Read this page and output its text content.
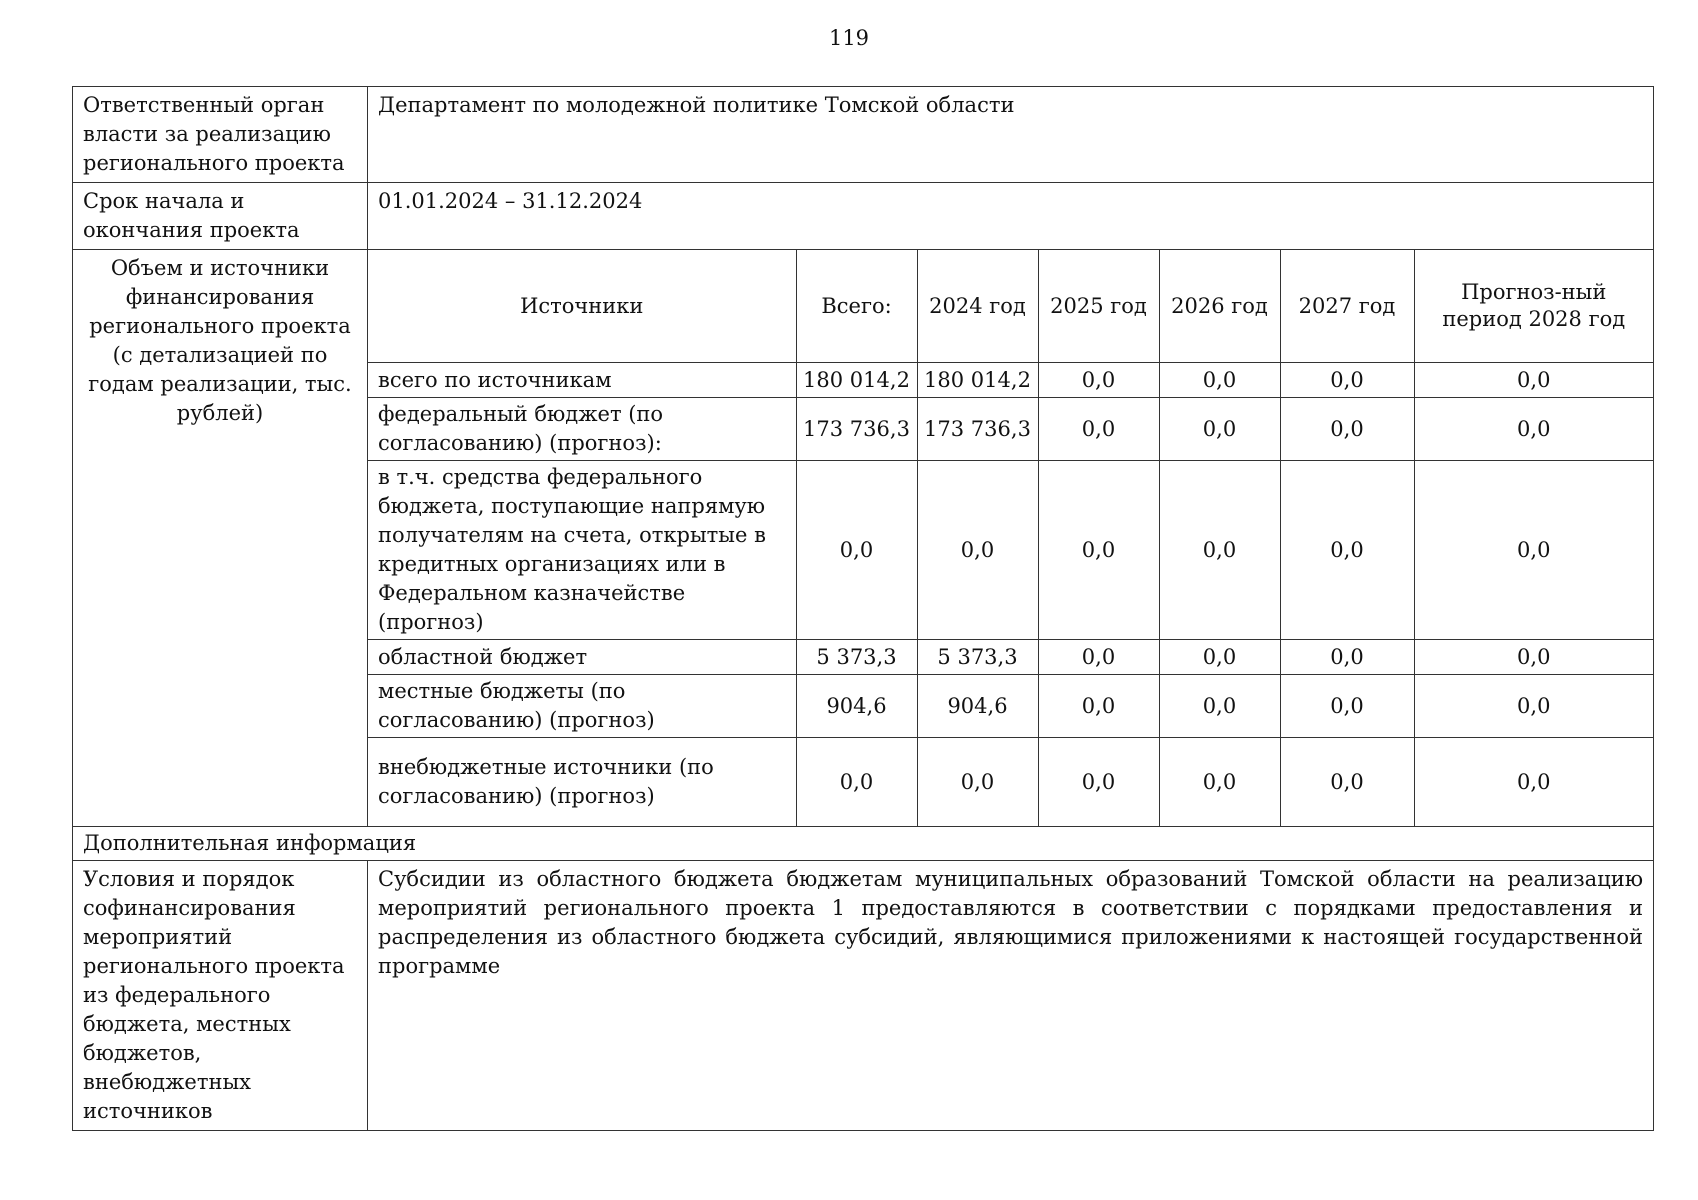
119
Ответственный орган власти за реализацию регионального проекта	Департамент по молодежной политике Томской области
Срок начала и окончания проекта	01.01.2024 – 31.12.2024
Объем и источники финансирования регионального проекта (с детализацией по годам реализации, тыс. рублей)	
Источники	Всего:	2024 год	2025 год	2026 год	2027 год	Прогноз-ный период 2028 год
всего по источникам	180 014,2	180 014,2	0,0	0,0	0,0	0,0
федеральный бюджет (по согласованию) (прогноз):	173 736,3	173 736,3	0,0	0,0	0,0	0,0
в т.ч. средства федерального бюджета, поступающие напрямую получателям на счета, открытые в кредитных организациях или в Федеральном казначействе (прогноз)	0,0	0,0	0,0	0,0	0,0	0,0
областной бюджет	5 373,3	5 373,3	0,0	0,0	0,0	0,0
местные бюджеты (по согласованию) (прогноз)	904,6	904,6	0,0	0,0	0,0	0,0
внебюджетные источники (по согласованию) (прогноз)	0,0	0,0	0,0	0,0	0,0	0,0

Дополнительная информация
Условия и порядок софинансирования мероприятий регионального проекта из федерального бюджета, местных бюджетов, внебюджетных источников	Субсидии из областного бюджета бюджетам муниципальных образований Томской области на реализацию мероприятий регионального проекта 1 предоставляются в соответствии с порядками предоставления и распределения из областного бюджета субсидий, являющимися приложениями к настоящей государственной программе
